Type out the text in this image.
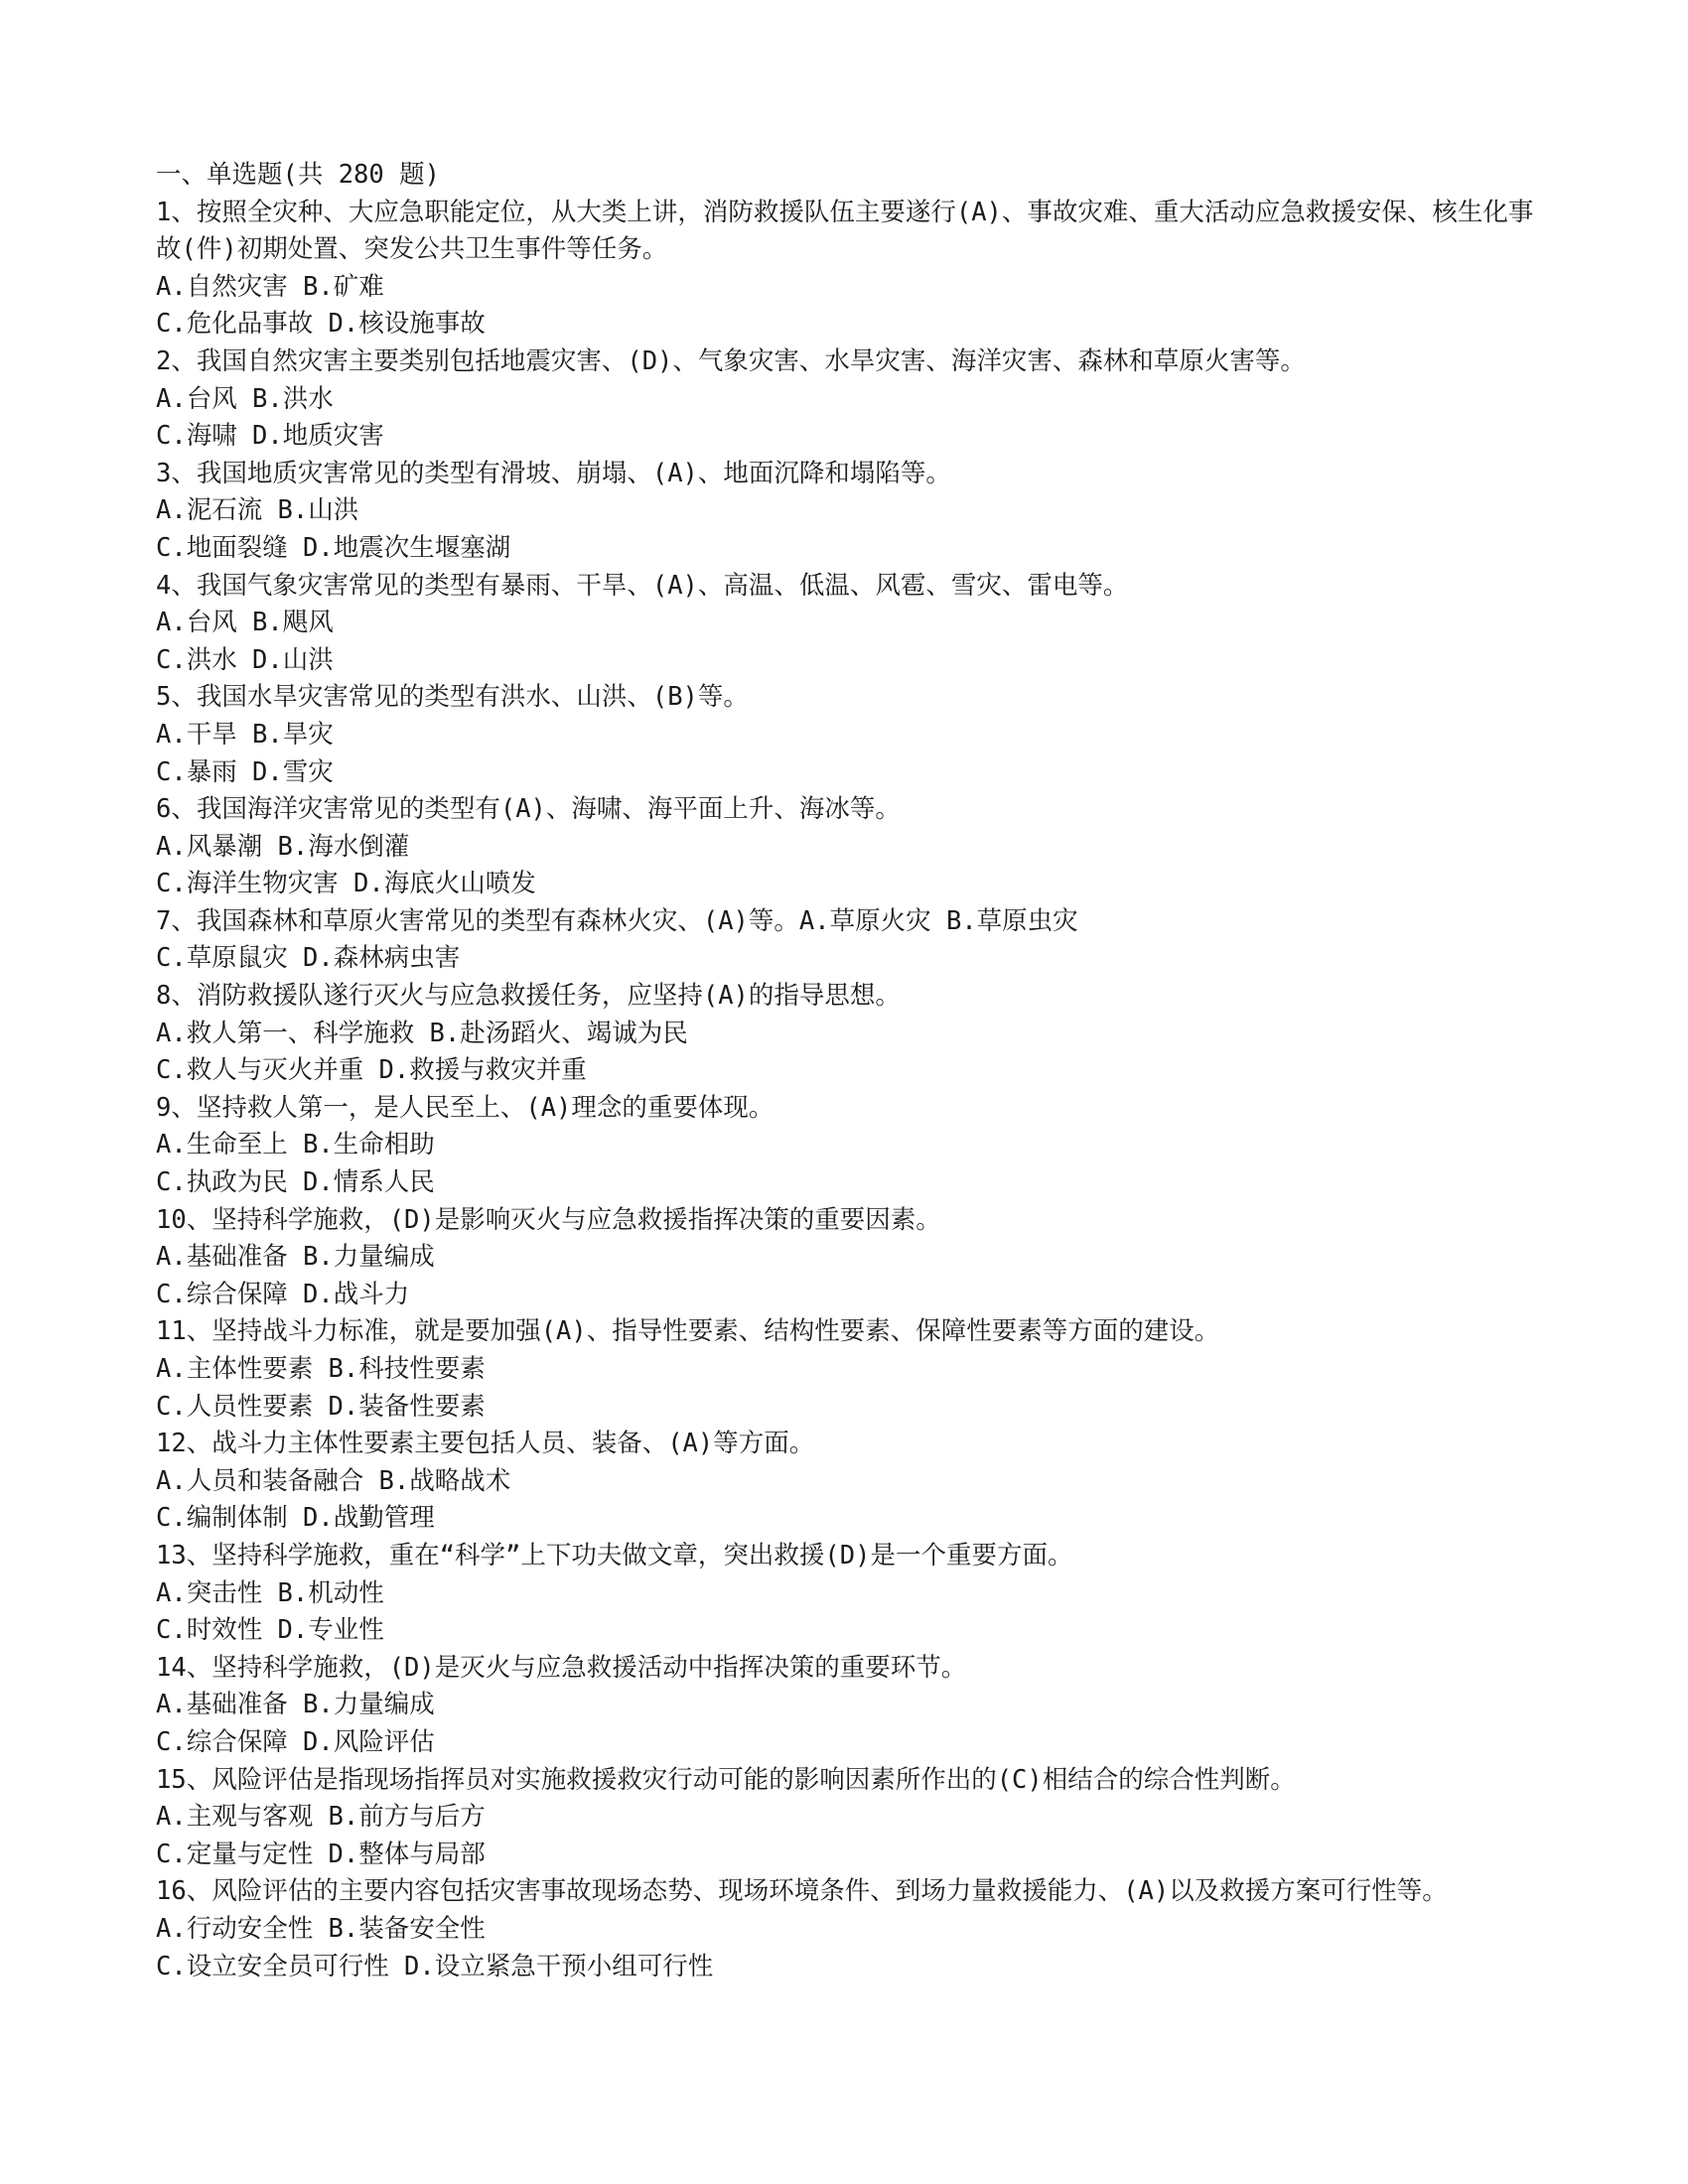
一、单选题(共 280 题)
1、按照全灾种、大应急职能定位，从大类上讲，消防救援队伍主要遂行(A)、事故灾难、重大活动应急救援安保、核生化事故(件)初期处置、突发公共卫生事件等任务。
A.自然灾害 B.矿难
C.危化品事故 D.核设施事故
2、我国自然灾害主要类别包括地震灾害、(D)、气象灾害、水旱灾害、海洋灾害、森林和草原火害等。
A.台风 B.洪水
C.海啸 D.地质灾害
3、我国地质灾害常见的类型有滑坡、崩塌、(A)、地面沉降和塌陷等。
A.泥石流 B.山洪
C.地面裂缝 D.地震次生堰塞湖
4、我国气象灾害常见的类型有暴雨、干旱、(A)、高温、低温、风雹、雪灾、雷电等。
A.台风 B.飓风
C.洪水 D.山洪
5、我国水旱灾害常见的类型有洪水、山洪、(B)等。
A.干旱 B.旱灾
C.暴雨 D.雪灾
6、我国海洋灾害常见的类型有(A)、海啸、海平面上升、海冰等。
A.风暴潮 B.海水倒灌
C.海洋生物灾害 D.海底火山喷发
7、我国森林和草原火害常见的类型有森林火灾、(A)等。A.草原火灾 B.草原虫灾
C.草原鼠灾 D.森林病虫害
8、消防救援队遂行灭火与应急救援任务，应坚持(A)的指导思想。
A.救人第一、科学施救 B.赴汤蹈火、竭诚为民
C.救人与灭火并重 D.救援与救灾并重
9、坚持救人第一，是人民至上、(A)理念的重要体现。
A.生命至上 B.生命相助
C.执政为民 D.情系人民
10、坚持科学施救，(D)是影响灭火与应急救援指挥决策的重要因素。
A.基础准备 B.力量编成
C.综合保障 D.战斗力
11、坚持战斗力标准，就是要加强(A)、指导性要素、结构性要素、保障性要素等方面的建设。
A.主体性要素 B.科技性要素
C.人员性要素 D.装备性要素
12、战斗力主体性要素主要包括人员、装备、(A)等方面。
A.人员和装备融合 B.战略战术
C.编制体制 D.战勤管理
13、坚持科学施救，重在“科学”上下功夫做文章，突出救援(D)是一个重要方面。
A.突击性 B.机动性
C.时效性 D.专业性
14、坚持科学施救，(D)是灭火与应急救援活动中指挥决策的重要环节。
A.基础准备 B.力量编成
C.综合保障 D.风险评估
15、风险评估是指现场指挥员对实施救援救灾行动可能的影响因素所作出的(C)相结合的综合性判断。
A.主观与客观 B.前方与后方
C.定量与定性 D.整体与局部
16、风险评估的主要内容包括灾害事故现场态势、现场环境条件、到场力量救援能力、(A)以及救援方案可行性等。
A.行动安全性 B.装备安全性
C.设立安全员可行性 D.设立紧急干预小组可行性
